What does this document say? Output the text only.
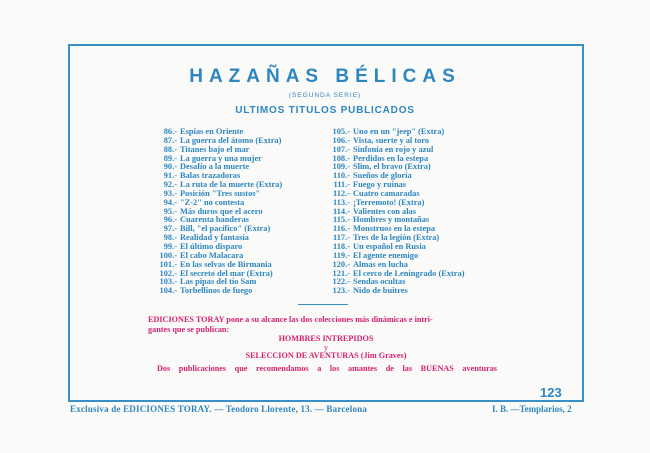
HAZAÑAS BÉLICAS
(SEGUNDA SERIE)
ULTIMOS TITULOS PUBLICADOS
86.- Espías en Oriente
87.- La guerra del átomo (Extra)
88.- Titanes bajo el mar
89.- La guerra y una mujer
90.- Desafío a la muerte
91.- Balas trazadoras
92.- La ruta de la muerte (Extra)
93.- Posición "Tres sustos"
94.- "Z-2" no contesta
95.- Más duros que el acero
96.- Cuarenta banderas
97.- Bill, "el pacífico" (Extra)
98.- Realidad y fantasía
99.- El último disparo
100.- El cabo Malacara
101.- En las selvas de Birmania
102.- El secreto del mar (Extra)
103.- Las pipas del tío Sam
104.- Torbellinos de fuego
105.- Uno en un "jeep" (Extra)
106.- Vista, suerte y al toro
107.- Sinfonía en rojo y azul
108.- Perdidos en la estepa
109.- Slim, el bravo (Extra)
110.- Sueños de gloria
111.- Fuego y ruinas
112.- Cuatro camaradas
113.- ¡Terremoto! (Extra)
114.- Valientes con alas
115.- Hombres y montañas
116.- Monstruos en la estepa
117.- Tres de la legión (Extra)
118.- Un español en Rusia
119.- El agente enemigo
120.- Almas en lucha
121.- El cerco de Leningrado (Extra)
122.- Sendas ocultas
123.- Nido de buitres
EDICIONES TORAY pone a su alcance las dos colecciones más dinámicas e intri-
gantes que se publican:
HOMBRES INTREPIDOS
y
SELECCION DE AVENTURAS (Jim Graves)
Dos publicaciones que recomendamos a los amantes de las BUENAS aventuras
123
Exclusiva de EDICIONES TORAY. — Teodoro Llorente, 13. — Barcelona	I. B. —Templarios, 2
